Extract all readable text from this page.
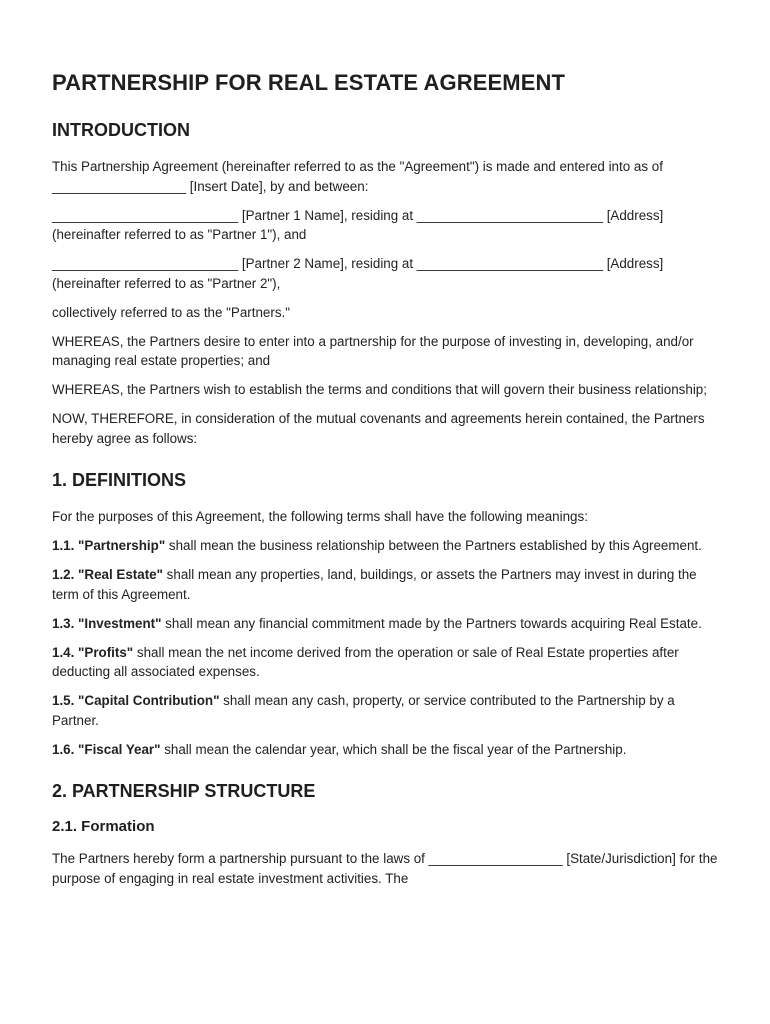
PARTNERSHIP FOR REAL ESTATE AGREEMENT
INTRODUCTION

This Partnership Agreement (hereinafter referred to as the "Agreement") is made and entered into as of __________________ [Insert Date], by and between:

_________________________ [Partner 1 Name], residing at _________________________ [Address] (hereinafter referred to as "Partner 1"), and

_________________________ [Partner 2 Name], residing at _________________________ [Address] (hereinafter referred to as "Partner 2"),

collectively referred to as the "Partners."

WHEREAS, the Partners desire to enter into a partnership for the purpose of investing in, developing, and/or managing real estate properties; and

WHEREAS, the Partners wish to establish the terms and conditions that will govern their business relationship;

NOW, THEREFORE, in consideration of the mutual covenants and agreements herein contained, the Partners hereby agree as follows:

1. DEFINITIONS

For the purposes of this Agreement, the following terms shall have the following meanings:

1.1. "Partnership" shall mean the business relationship between the Partners established by this Agreement.

1.2. "Real Estate" shall mean any properties, land, buildings, or assets the Partners may invest in during the term of this Agreement.

1.3. "Investment" shall mean any financial commitment made by the Partners towards acquiring Real Estate.

1.4. "Profits" shall mean the net income derived from the operation or sale of Real Estate properties after deducting all associated expenses.

1.5. "Capital Contribution" shall mean any cash, property, or service contributed to the Partnership by a Partner.

1.6. "Fiscal Year" shall mean the calendar year, which shall be the fiscal year of the Partnership.

2. PARTNERSHIP STRUCTURE
2.1. Formation

The Partners hereby form a partnership pursuant to the laws of __________________ [State/Jurisdiction] for the purpose of engaging in real estate investment activities. The
